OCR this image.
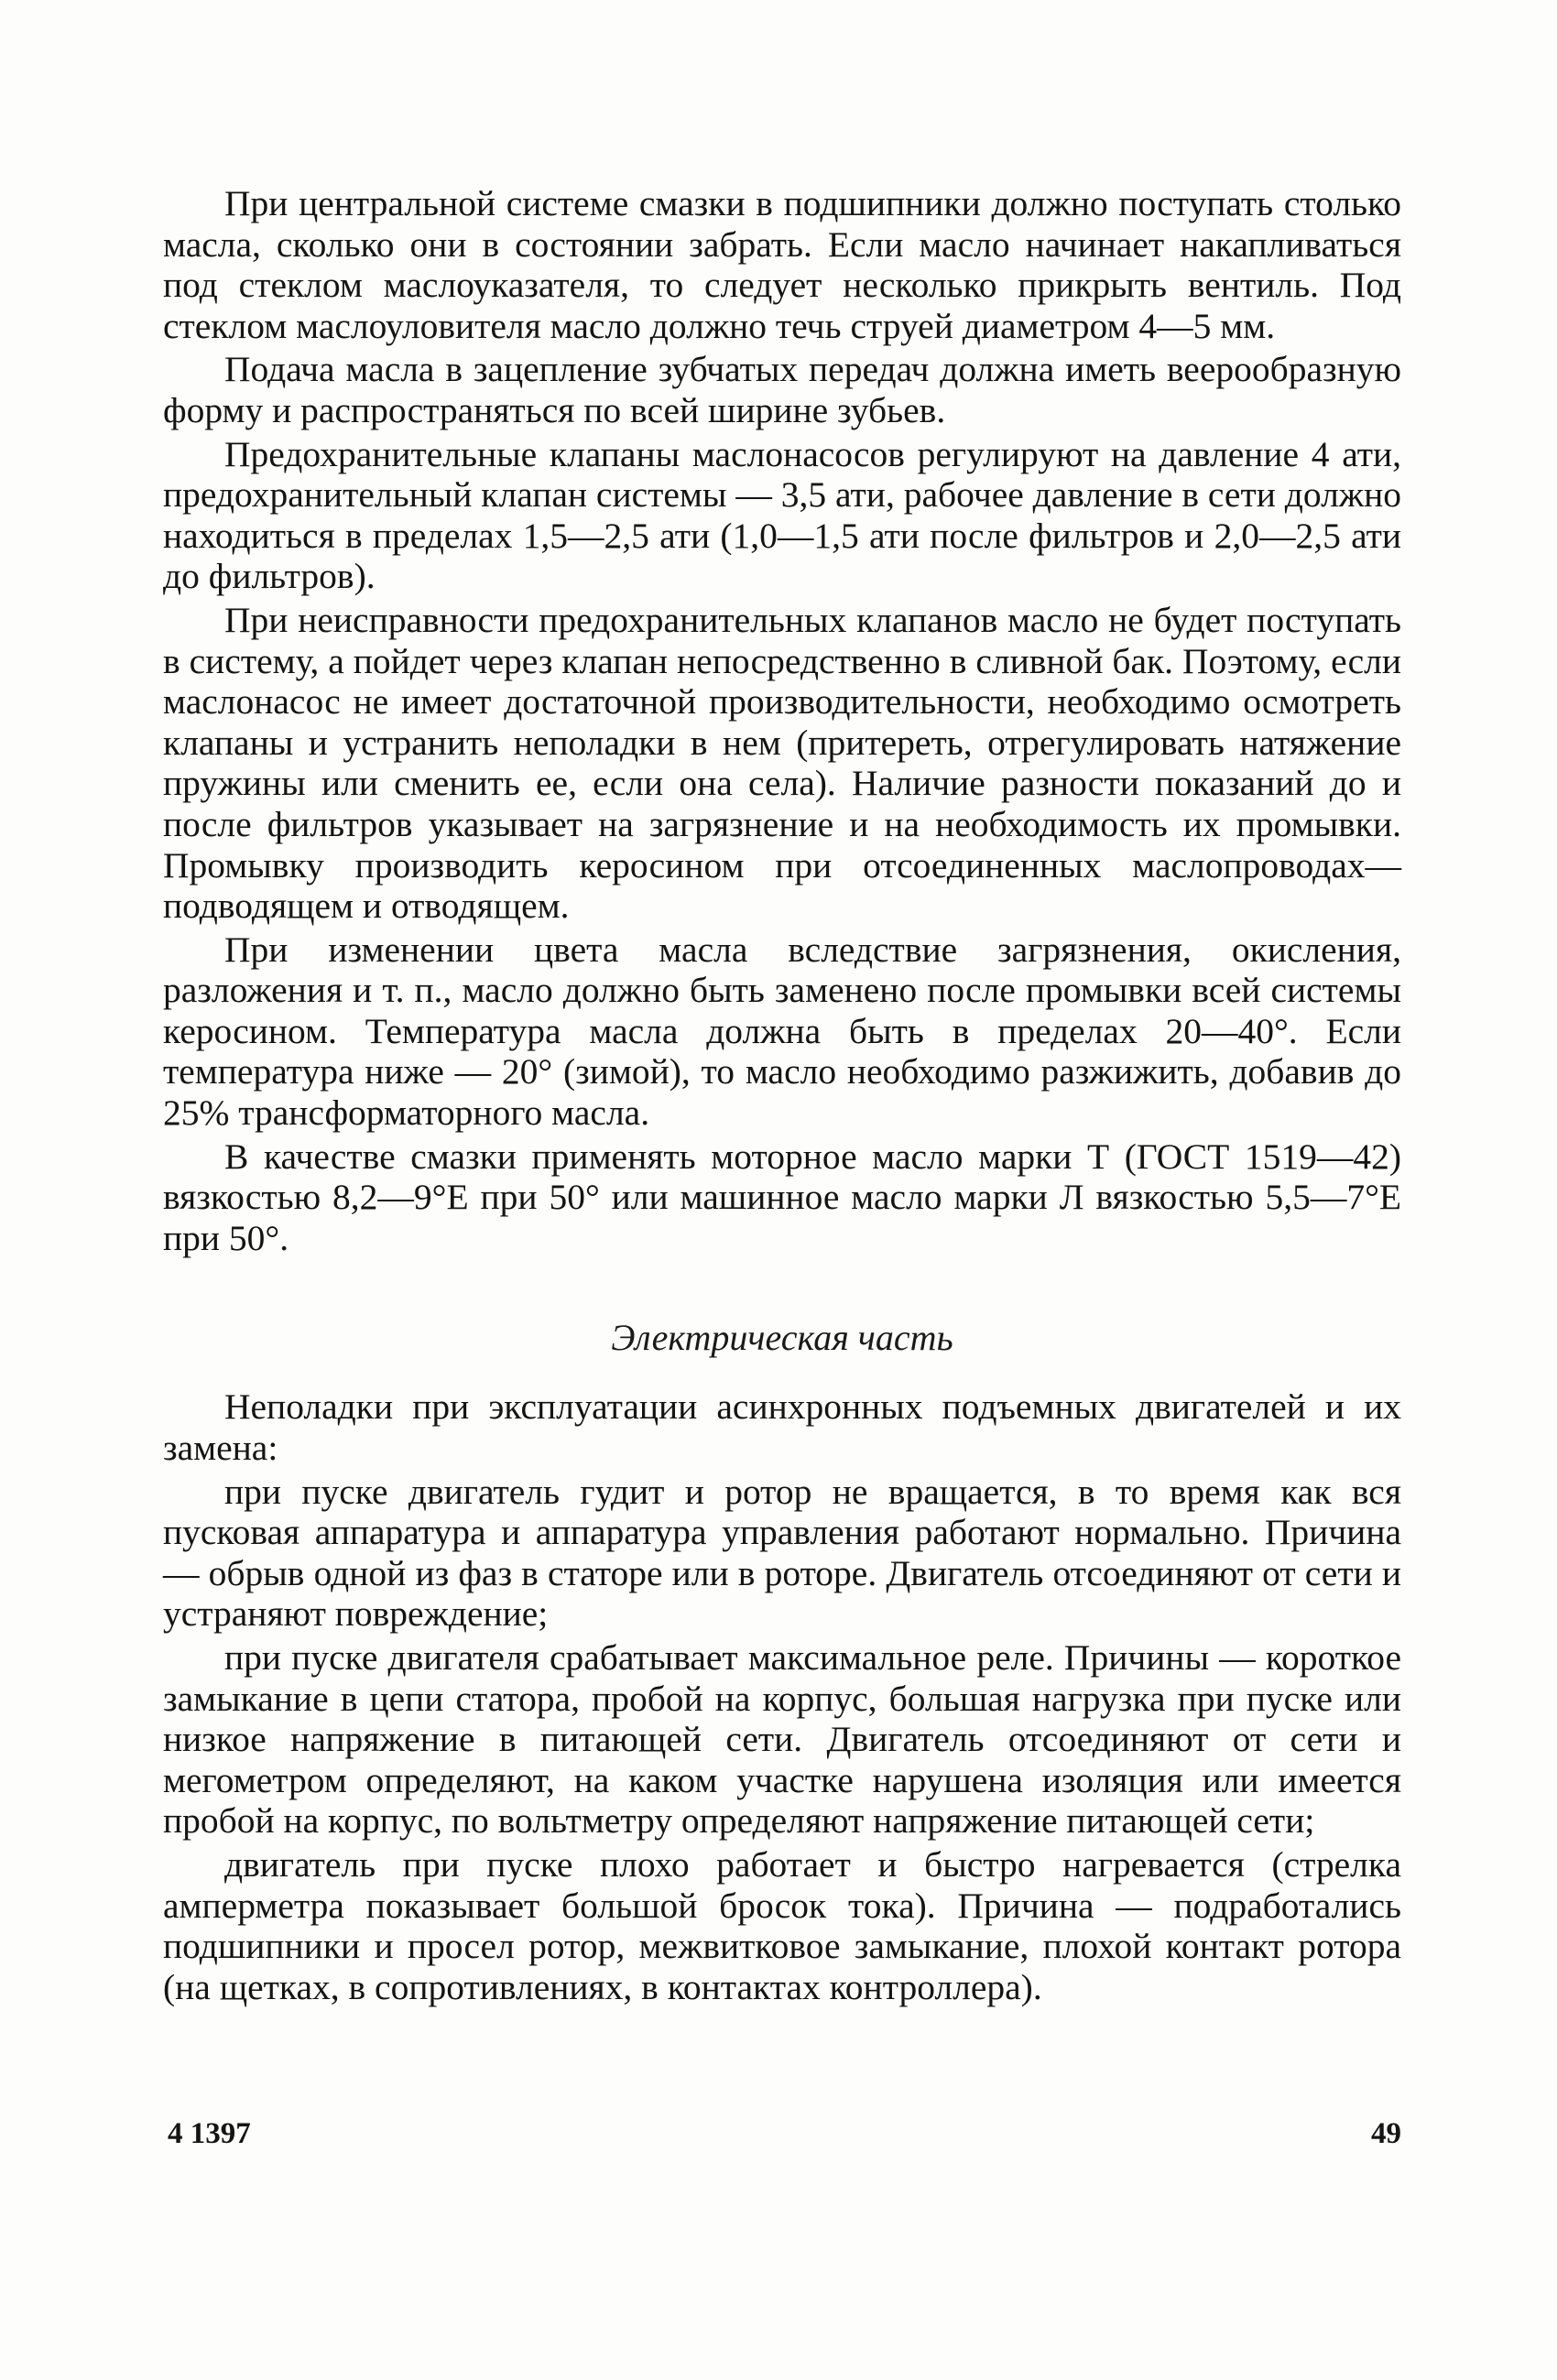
При центральной системе смазки в подшипники должно поступать столько масла, сколько они в состоянии забрать. Если масло начинает накапливаться под стеклом маслоуказателя, то следует несколько прикрыть вентиль. Под стеклом маслоуловителя масло должно течь струей диаметром 4—5 мм.

Подача масла в зацепление зубчатых передач должна иметь веерообразную форму и распространяться по всей ширине зубьев.

Предохранительные клапаны маслонасосов регулируют на давление 4 ати, предохранительный клапан системы — 3,5 ати, рабочее давление в сети должно находиться в пределах 1,5—2,5 ати (1,0—1,5 ати после фильтров и 2,0—2,5 ати до фильтров).

При неисправности предохранительных клапанов масло не будет поступать в систему, а пойдет через клапан непосредственно в сливной бак. Поэтому, если маслонасос не имеет достаточной производительности, необходимо осмотреть клапаны и устранить неполадки в нем (притереть, отрегулировать натяжение пружины или сменить ее, если она села). Наличие разности показаний до и после фильтров указывает на загрязнение и на необходимость их промывки. Промывку производить керосином при отсоединенных маслопроводах—подводящем и отводящем.

При изменении цвета масла вследствие загрязнения, окисления, разложения и т. п., масло должно быть заменено после промывки всей системы керосином. Температура масла должна быть в пределах 20—40°. Если температура ниже — 20° (зимой), то масло необходимо разжижить, добавив до 25% трансформаторного масла.

В качестве смазки применять моторное масло марки Т (ГОСТ 1519—42) вязкостью 8,2—9°Е при 50° или машинное масло марки Л вязкостью 5,5—7°Е при 50°.

Электрическая часть

Неполадки при эксплуатации асинхронных подъемных двигателей и их замена:

при пуске двигатель гудит и ротор не вращается, в то время как вся пусковая аппаратура и аппаратура управления работают нормально. Причина — обрыв одной из фаз в статоре или в роторе. Двигатель отсоединяют от сети и устраняют повреждение;

при пуске двигателя срабатывает максимальное реле. Причины — короткое замыкание в цепи статора, пробой на корпус, большая нагрузка при пуске или низкое напряжение в питающей сети. Двигатель отсоединяют от сети и мегометром определяют, на каком участке нарушена изоляция или имеется пробой на корпус, по вольтметру определяют напряжение питающей сети;

двигатель при пуске плохо работает и быстро нагревается (стрелка амперметра показывает большой бросок тока). Причина — подработались подшипники и просел ротор, межвитковое замыкание, плохой контакт ротора (на щетках, в сопротивлениях, в контактах контроллера).

4 1397	49
